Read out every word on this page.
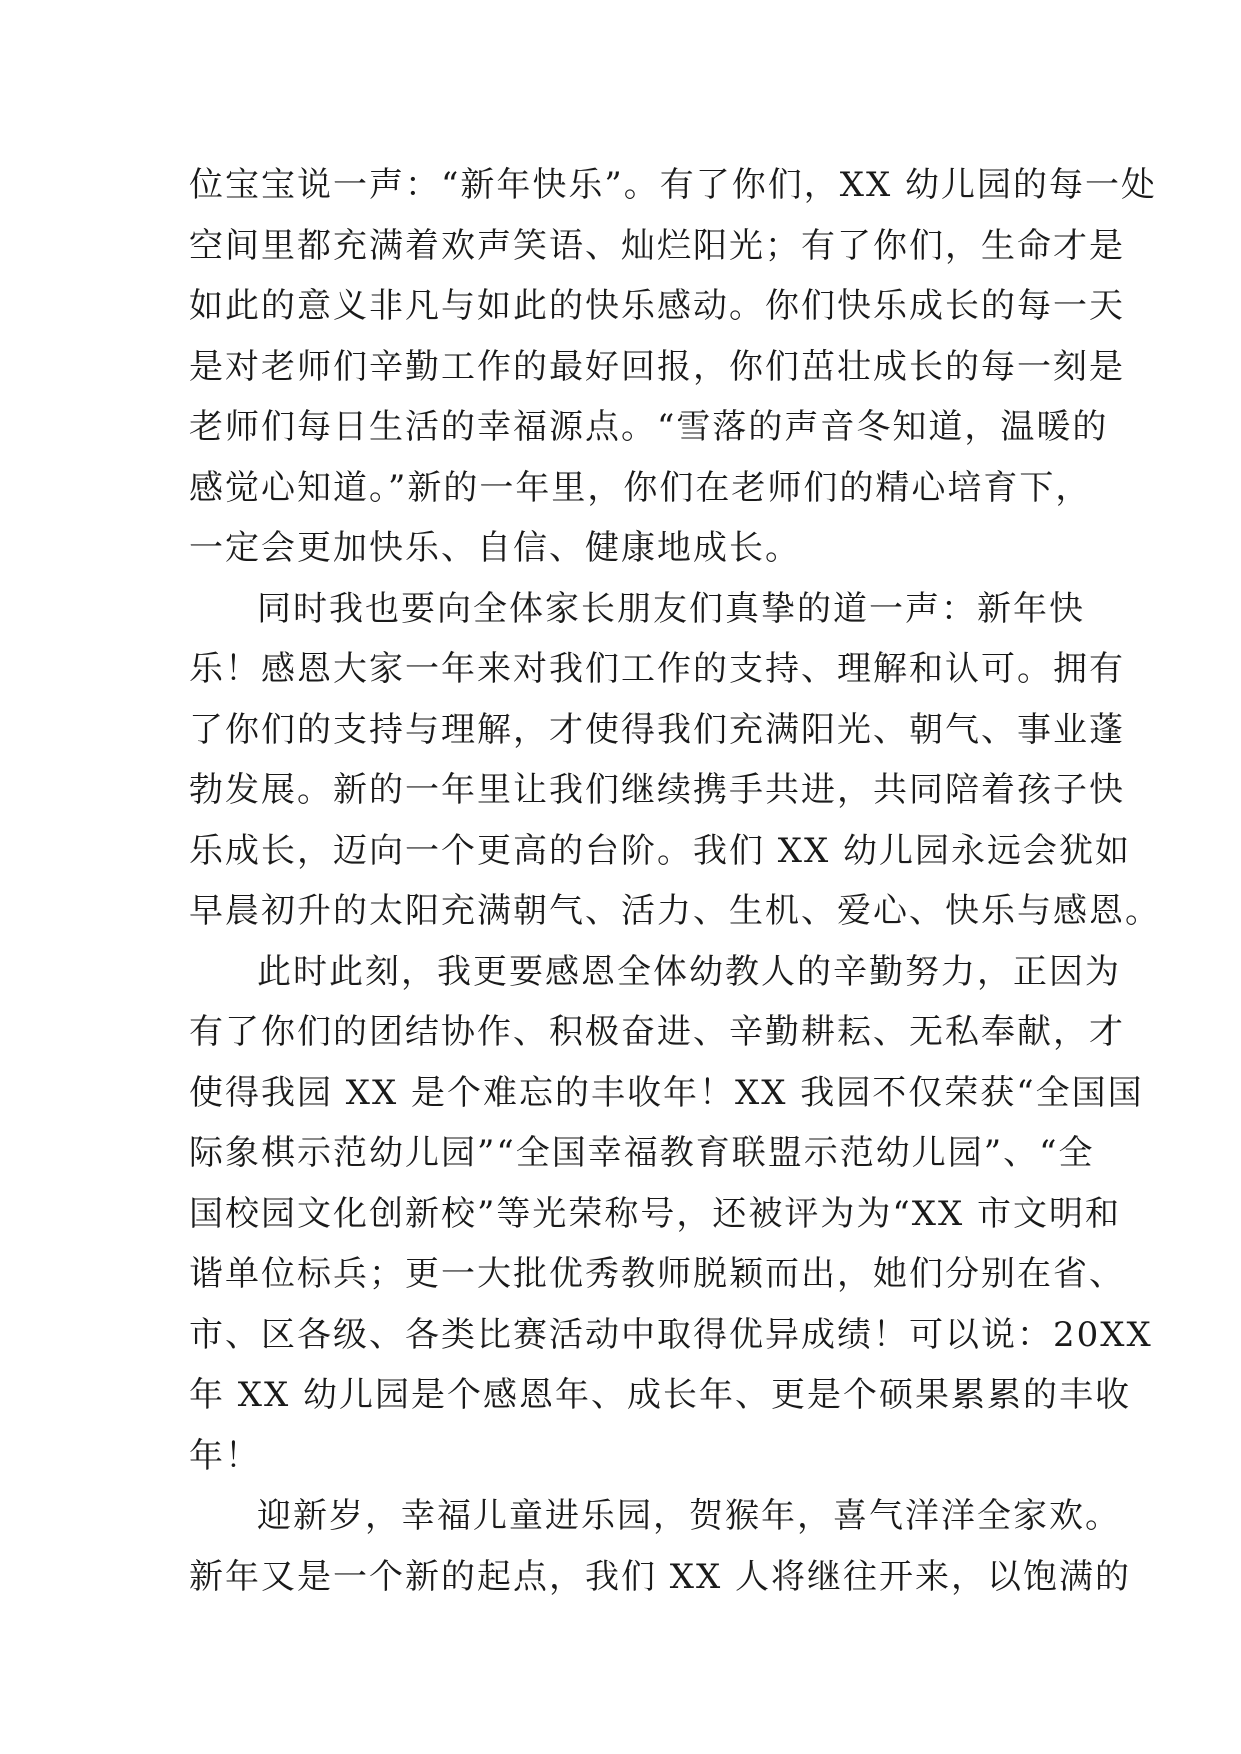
位宝宝说一声：“新年快乐”。有了你们，XX 幼儿园的每一处
空间里都充满着欢声笑语、灿烂阳光；有了你们，生命才是
如此的意义非凡与如此的快乐感动。你们快乐成长的每一天
是对老师们辛勤工作的最好回报，你们茁壮成长的每一刻是
老师们每日生活的幸福源点。“雪落的声音冬知道，温暖的
感觉心知道。”新的一年里，你们在老师们的精心培育下，
一定会更加快乐、自信、健康地成长。
同时我也要向全体家长朋友们真挚的道一声：新年快
乐！感恩大家一年来对我们工作的支持、理解和认可。拥有
了你们的支持与理解，才使得我们充满阳光、朝气、事业蓬
勃发展。新的一年里让我们继续携手共进，共同陪着孩子快
乐成长，迈向一个更高的台阶。我们 XX 幼儿园永远会犹如
早晨初升的太阳充满朝气、活力、生机、爱心、快乐与感恩。
此时此刻，我更要感恩全体幼教人的辛勤努力，正因为
有了你们的团结协作、积极奋进、辛勤耕耘、无私奉献，才
使得我园 XX 是个难忘的丰收年！XX 我园不仅荣获“全国国
际象棋示范幼儿园”“全国幸福教育联盟示范幼儿园”、“全
国校园文化创新校”等光荣称号，还被评为为“XX 市文明和
谐单位标兵；更一大批优秀教师脱颖而出，她们分别在省、
市、区各级、各类比赛活动中取得优异成绩！可以说：20XX
年 XX 幼儿园是个感恩年、成长年、更是个硕果累累的丰收
年！
迎新岁，幸福儿童进乐园，贺猴年，喜气洋洋全家欢。
新年又是一个新的起点，我们 XX 人将继往开来，以饱满的
